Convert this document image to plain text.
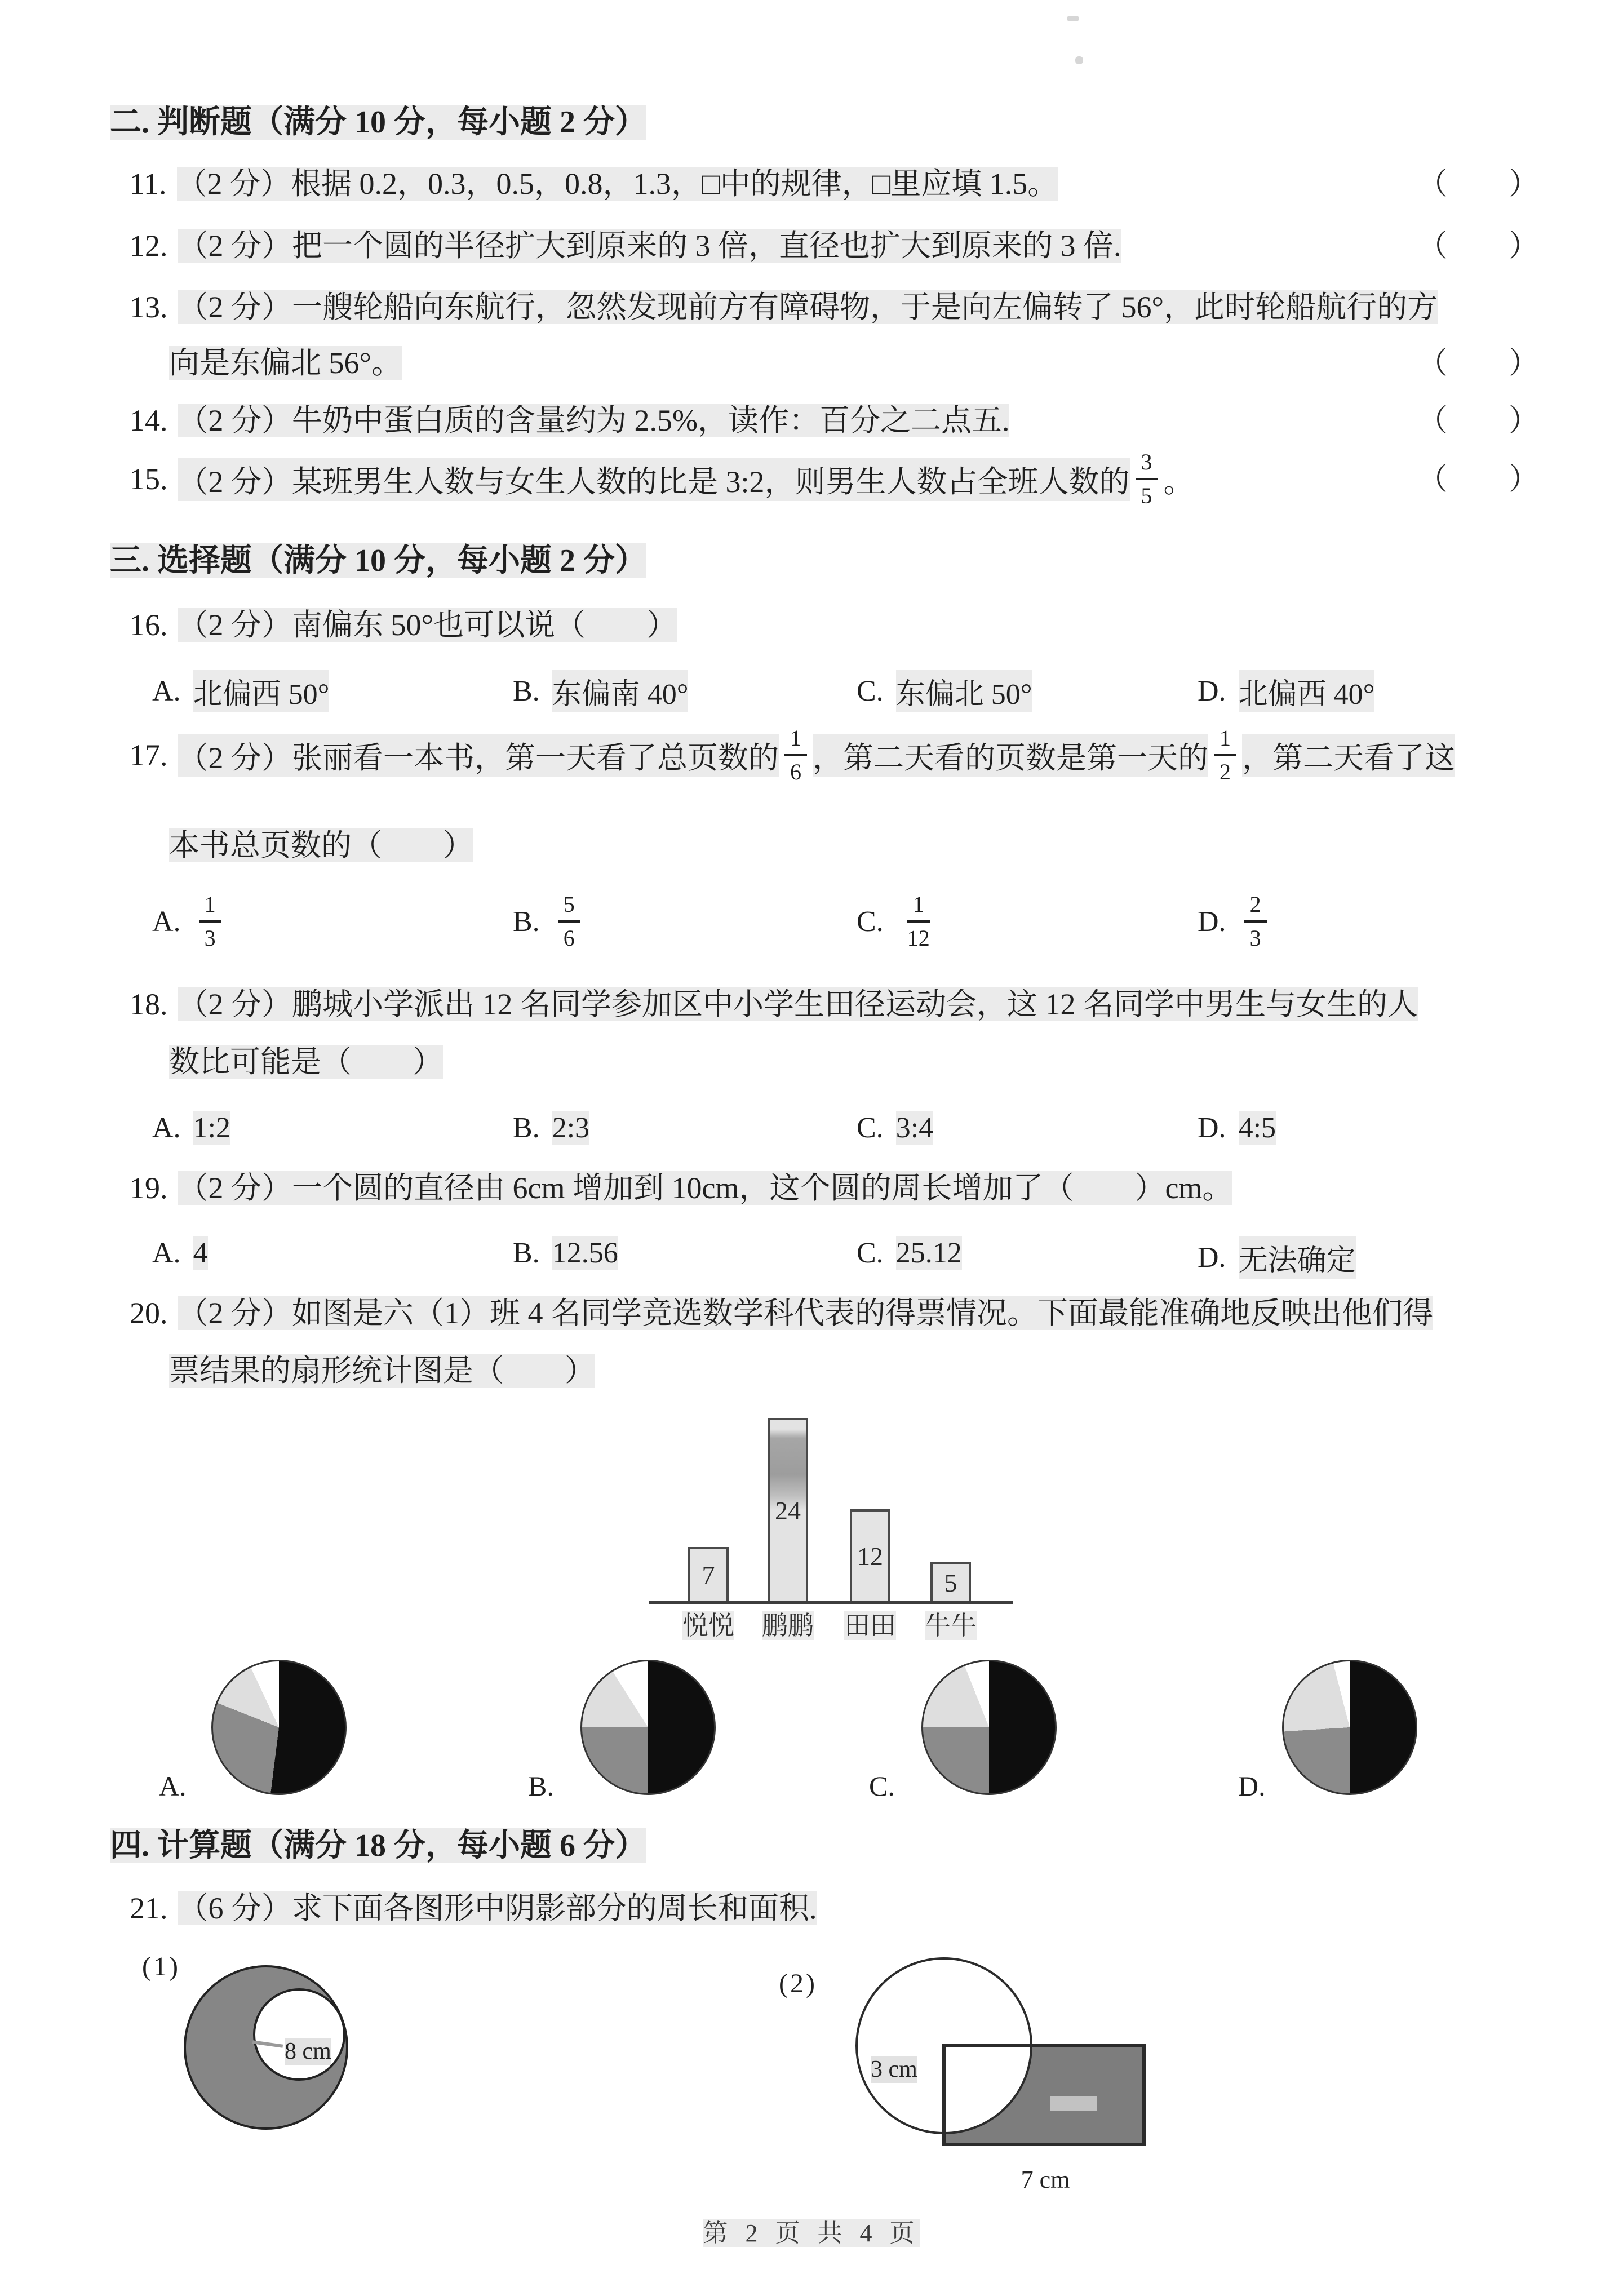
二. 判断题（满分 10 分，每小题 2 分）
11. （2 分）根据 0.2，0.3，0.5，0.8，1.3，□中的规律，□里应填 1.5。	（　　）
12. （2 分）把一个圆的半径扩大到原来的 3 倍，直径也扩大到原来的 3 倍.	（　　）
13. （2 分）一艘轮船向东航行，忽然发现前方有障碍物，于是向左偏转了 56°，此时轮船航行的方
向是东偏北 56°。	（　　）
14. （2 分）牛奶中蛋白质的含量约为 2.5%，读作：百分之二点五.	（　　）
15. （2 分）某班男生人数与女生人数的比是 3:2，则男生人数占全班人数的 $\frac{3}{5}$ 。	（　　）
三. 选择题（满分 10 分，每小题 2 分）
16. （2 分）南偏东 50°也可以说（　　）
A. 北偏西 50°	B. 东偏南 40°	C. 东偏北 50°	D. 北偏西 40°
17. （2 分）张丽看一本书，第一天看了总页数的 $\frac{1}{6}$ ，第二天看的页数是第一天的 $\frac{1}{2}$ ，第二天看了这
本书总页数的（　　）
A. $\frac{1}{3}$	B. $\frac{5}{6}$	C. $\frac{1}{12}$	D. $\frac{2}{3}$
18. （2 分）鹏城小学派出 12 名同学参加区中小学生田径运动会，这 12 名同学中男生与女生的人
数比可能是（　　）
A. 1:2	B. 2:3	C. 3:4	D. 4:5
19. （2 分）一个圆的直径由 6cm 增加到 10cm，这个圆的周长增加了（　　）cm。
A. 4	B. 12.56	C. 25.12	D. 无法确定
20. （2 分）如图是六（1）班 4 名同学竞选数学科代表的得票情况。下面最能准确地反映出他们得
票结果的扇形统计图是（　　）
7
24
12
5
悦悦	鹏鹏	田田	牛牛
A.	B.	C.	D.
四. 计算题（满分 18 分，每小题 6 分）
21. （6 分）求下面各图形中阴影部分的周长和面积.
(1)
8 cm
(2)
3 cm
7 cm
第 2 页 共 4 页
